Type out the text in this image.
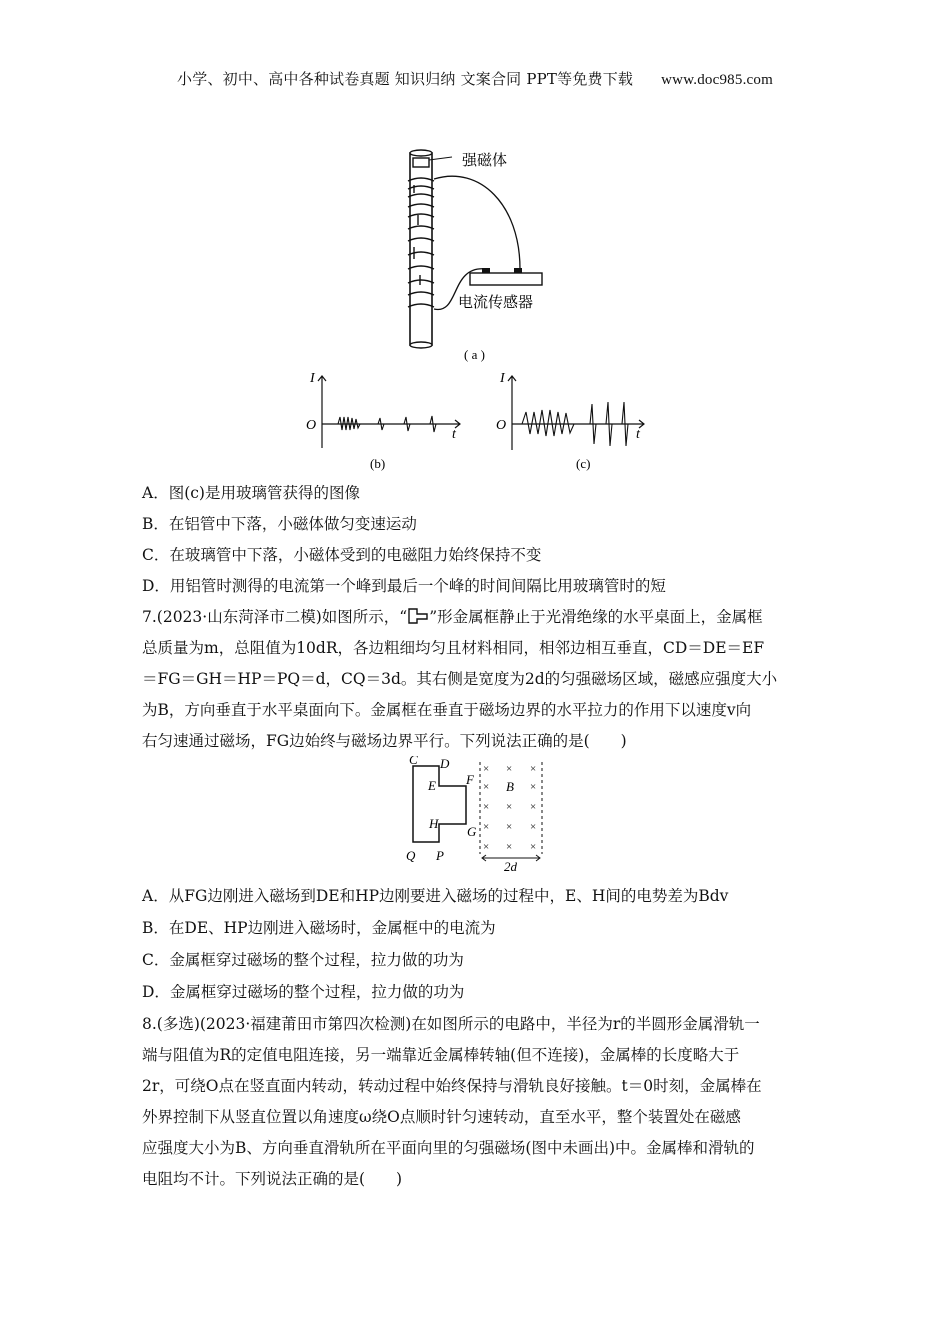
小学、初中、高中各种试卷真题 知识归纳 文案合同 PPT等免费下载 www.doc985.com
强磁体
电流传感器
( a )
I
O
t
(b)
I
O
t
(c)
A．图(c)是用玻璃管获得的图像
B．在铝管中下落，小磁体做匀变速运动
C．在玻璃管中下落，小磁体受到的电磁阻力始终保持不变
D．用铝管时测得的电流第一个峰到最后一个峰的时间间隔比用玻璃管时的短
7.(2023·山东菏泽市二模)如图所示，“ ”形金属框静止于光滑绝缘的水平桌面上，金属框
总质量为m，总阻值为10dR，各边粗细均匀且材料相同，相邻边相互垂直，CD＝DE＝EF
＝FG＝GH＝HP＝PQ＝d，CQ＝3d。其右侧是宽度为2d的匀强磁场区域，磁感应强度大小
为B，方向垂直于水平桌面向下。金属框在垂直于磁场边界的水平拉力的作用下以速度v向
右匀速通过磁场，FG边始终与磁场边界平行。下列说法正确的是(　　)
× × ×
×	×
× × ×
× × ×
× × ×
C D
E F
H
G
Q P
B
2d
A．从FG边刚进入磁场到DE和HP边刚要进入磁场的过程中，E、H间的电势差为Bdv
B．在DE、HP边刚进入磁场时，金属框中的电流为
C．金属框穿过磁场的整个过程，拉力做的功为
D．金属框穿过磁场的整个过程，拉力做的功为
8.(多选)(2023·福建莆田市第四次检测)在如图所示的电路中，半径为r的半圆形金属滑轨一
端与阻值为R的定值电阻连接，另一端靠近金属棒转轴(但不连接)，金属棒的长度略大于
2r，可绕O点在竖直面内转动，转动过程中始终保持与滑轨良好接触。t＝0时刻，金属棒在
外界控制下从竖直位置以角速度ω绕O点顺时针匀速转动，直至水平，整个装置处在磁感
应强度大小为B、方向垂直滑轨所在平面向里的匀强磁场(图中未画出)中。金属棒和滑轨的
电阻均不计。下列说法正确的是(　　)
